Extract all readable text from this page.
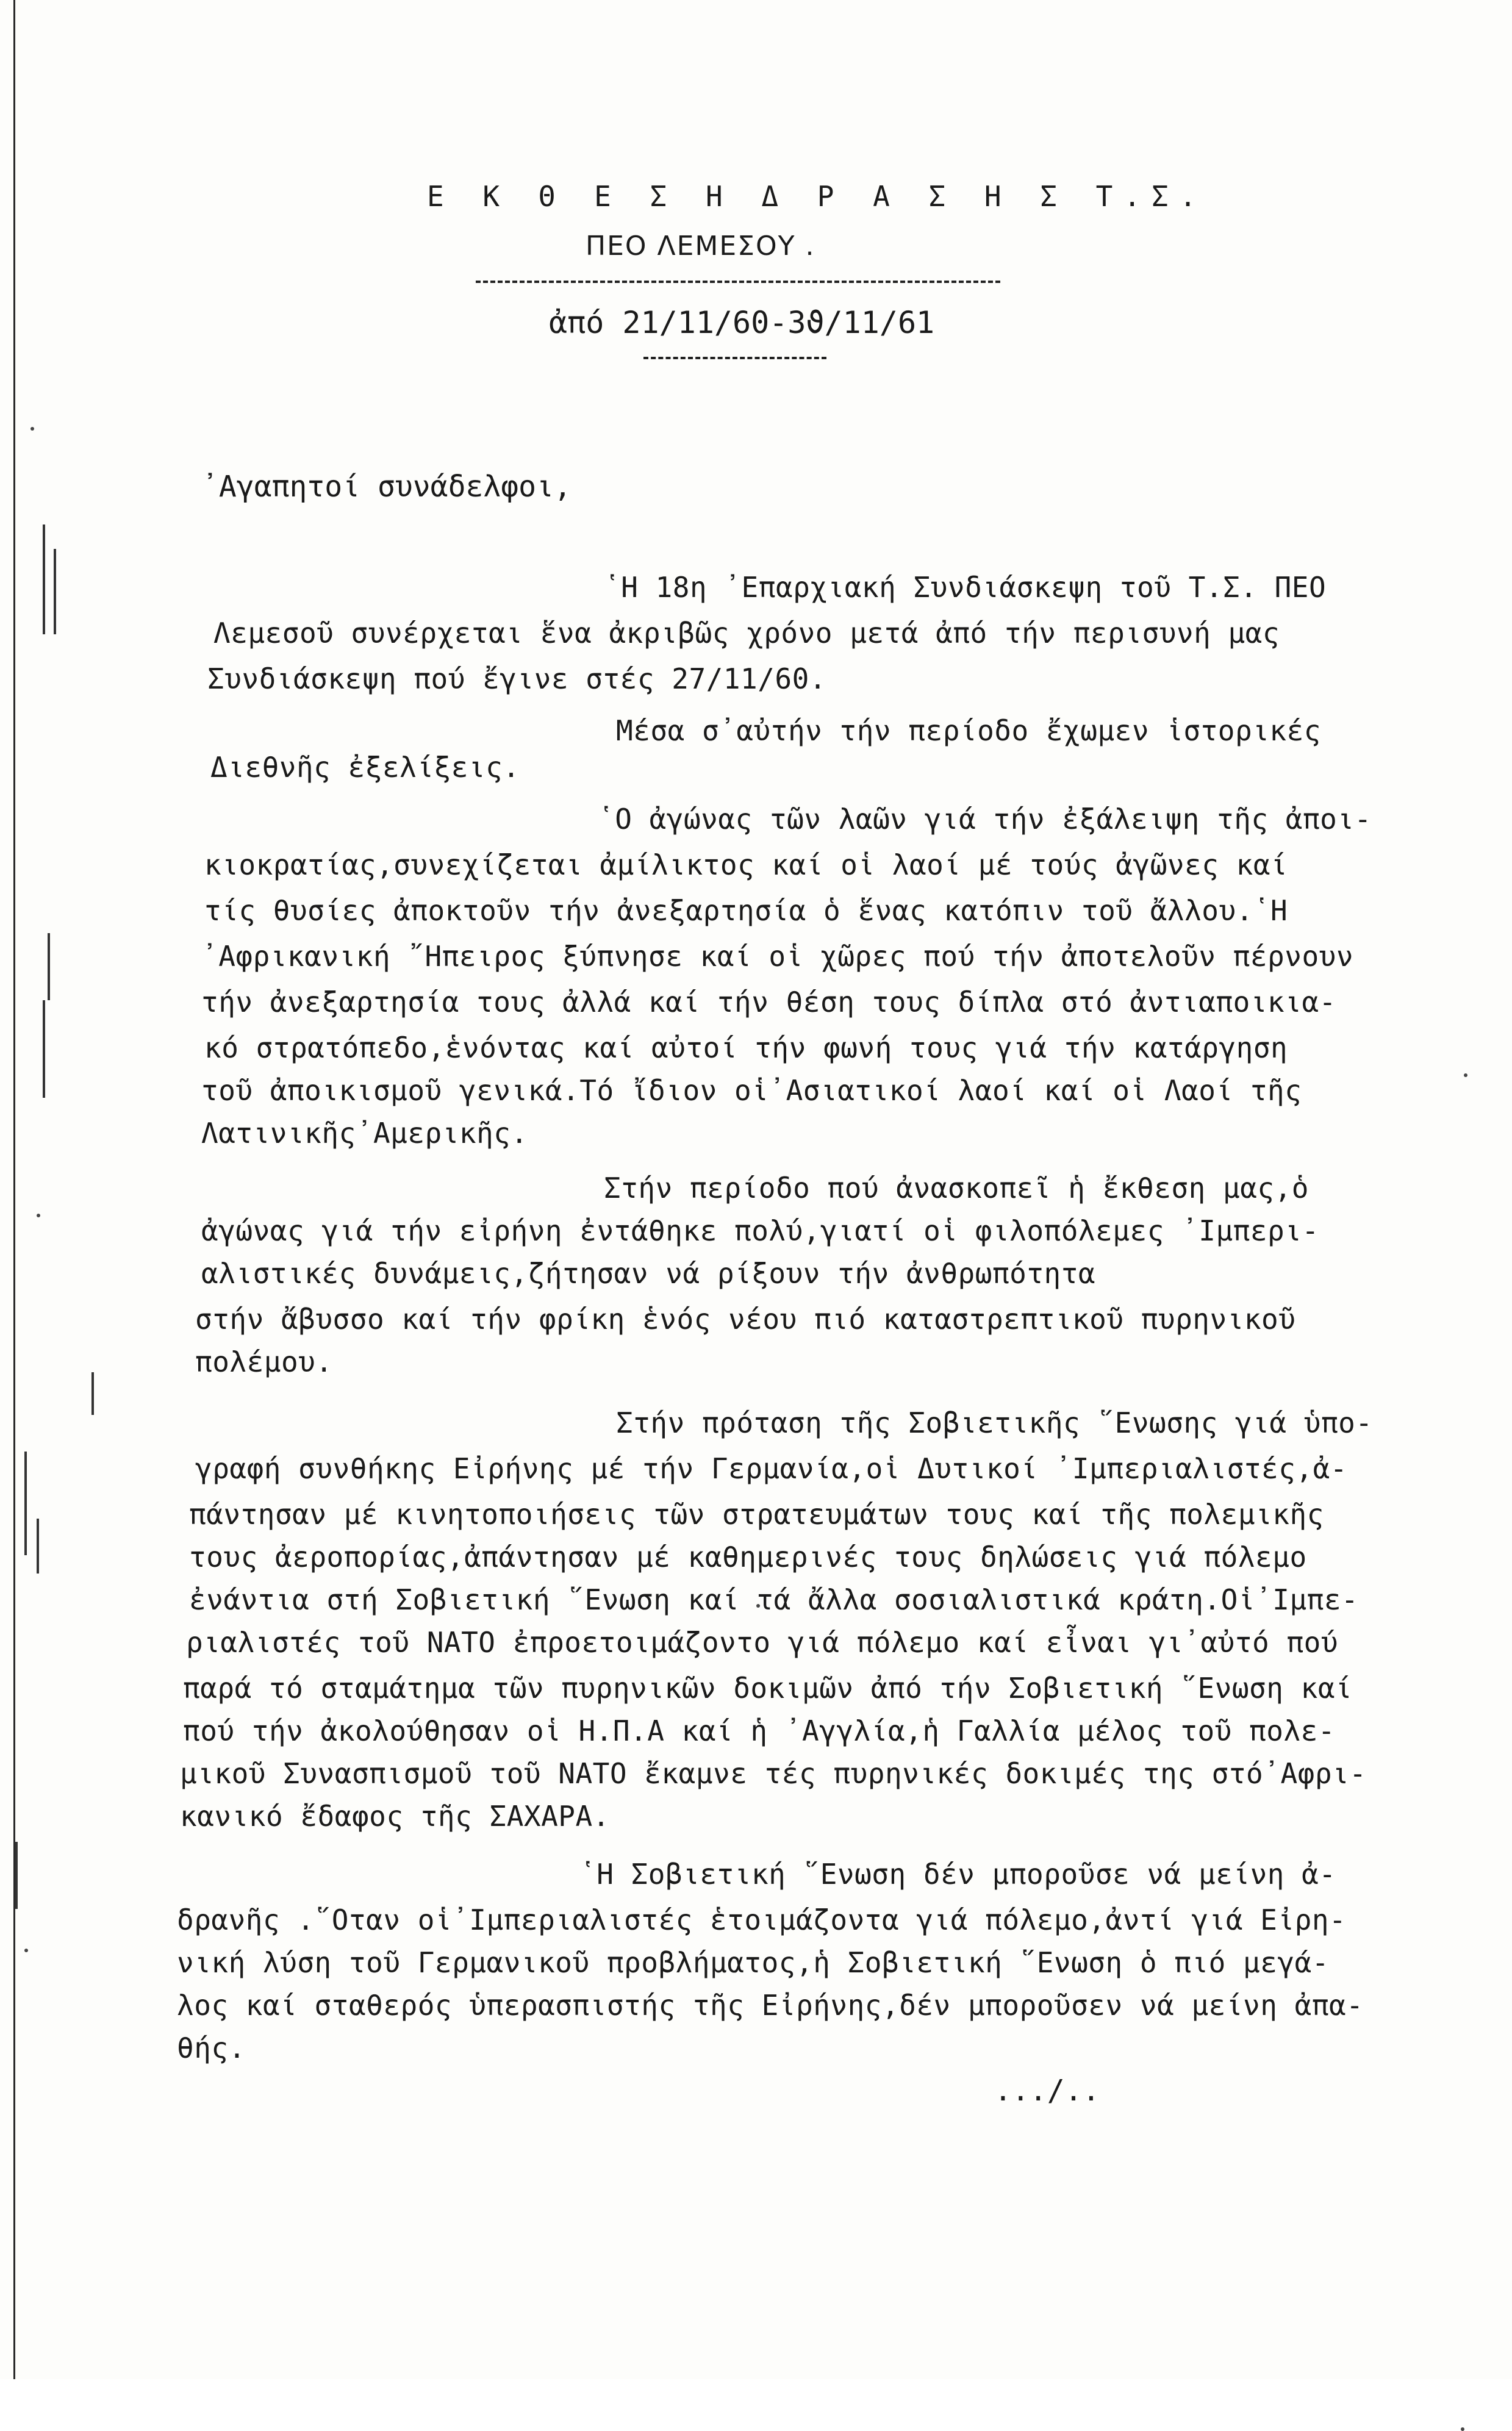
Ε Κ Θ Ε Σ Η Δ Ρ Α Σ Η Σ Τ.Σ.
ΠΕΟ ΛΕΜΕΣΟΥ .
ἀπό 21/11/60-3ϑ/11/61
᾿Αγαπητοί συνάδελφοι,
῾Η 18η ᾿Επαρχιακή Συνδιάσκεψη τοῦ Τ.Σ. ΠΕΟ
Λεμεσοῦ συνέρχεται ἕνα ἀκριβῶς χρόνο μετά ἀπό τήν περισυνή μας
Συνδιάσκεψη πού ἔγινε στές 27/11/60.
Μέσα σ᾿αὐτήν τήν περίοδο ἔχωμεν ἱστορικές
Διεθνῆς ἐξελίξεις.
῾Ο ἀγώνας τῶν λαῶν γιά τήν ἐξάλειψη τῆς ἀποι-
κιοκρατίας,συνεχίζεται ἀμίλικτος καί οἱ λαοί μέ τούς ἀγῶνες καί
τίς θυσίες ἀποκτοῦν τήν ἀνεξαρτησία ὁ ἕνας κατόπιν τοῦ ἄλλου.῾Η
᾿Αφρικανική ῎Ηπειρος ξύπνησε καί οἱ χῶρες πού τήν ἀποτελοῦν πέρνουν
τήν ἀνεξαρτησία τους ἀλλά καί τήν θέση τους δίπλα στό ἀντιαποικια-
κό στρατόπεδο,ἑνόντας καί αὐτοί τήν φωνή τους γιά τήν κατάργηση
τοῦ ἀποικισμοῦ γενικά.Τό ἴδιον οἱ᾿Ασιατικοί λαοί καί οἱ Λαοί τῆς
Λατινικῆς᾿Αμερικῆς.
Στήν περίοδο πού ἀνασκοπεῖ ἡ ἔκθεση μας,ὁ
ἀγώνας γιά τήν εἰρήνη ἐντάθηκε πολύ,γιατί οἱ φιλοπόλεμες ᾿Ιμπερι-
αλιστικές δυνάμεις,ζήτησαν νά ρίξουν τήν ἀνθρωπότητα
στήν ἄβυσσο καί τήν φρίκη ἑνός νέου πιό καταστρεπτικοῦ πυρηνικοῦ
πολέμου.
Στήν πρόταση τῆς Σοβιετικῆς ῞Ενωσης γιά ὑπο-
γραφή συνθήκης Εἰρήνης μέ τήν Γερμανία,οἱ Δυτικοί ᾿Ιμπεριαλιστές,ἀ-
πάντησαν μέ κινητοποιήσεις τῶν στρατευμάτων τους καί τῆς πολεμικῆς
τους ἀεροπορίας,ἀπάντησαν μέ καθημερινές τους δηλώσεις γιά πόλεμο
ἐνάντια στή Σοβιετική ῞Ενωση καί τά ἄλλα σοσιαλιστικά κράτη.Οἱ᾿Ιμπε-
ριαλιστές τοῦ ΝΑΤΟ ἐπροετοιμάζοντο γιά πόλεμο καί εἶναι γι᾿αὐτό πού
παρά τό σταμάτημα τῶν πυρηνικῶν δοκιμῶν ἀπό τήν Σοβιετική ῞Ενωση καί
πού τήν ἀκολούθησαν οἱ Η.Π.Α καί ἡ ᾿Αγγλία,ἡ Γαλλία μέλος τοῦ πολε-
μικοῦ Συνασπισμοῦ τοῦ ΝΑΤΟ ἔκαμνε τές πυρηνικές δοκιμές της στό᾿Αφρι-
κανικό ἔδαφος τῆς ΣΑΧΑΡΑ.
῾Η Σοβιετική ῞Ενωση δέν μποροῦσε νά μείνη ἀ-
δρανῆς .῞Οταν οἱ᾿Ιμπεριαλιστές ἑτοιμάζοντα γιά πόλεμο,ἀντί γιά Εἰρη-
νική λύση τοῦ Γερμανικοῦ προβλήματος,ἡ Σοβιετική ῞Ενωση ὁ πιό μεγά-
λος καί σταθερός ὑπερασπιστής τῆς Εἰρήνης,δέν μποροῦσεν νά μείνη ἀπα-
θής.
.../..
